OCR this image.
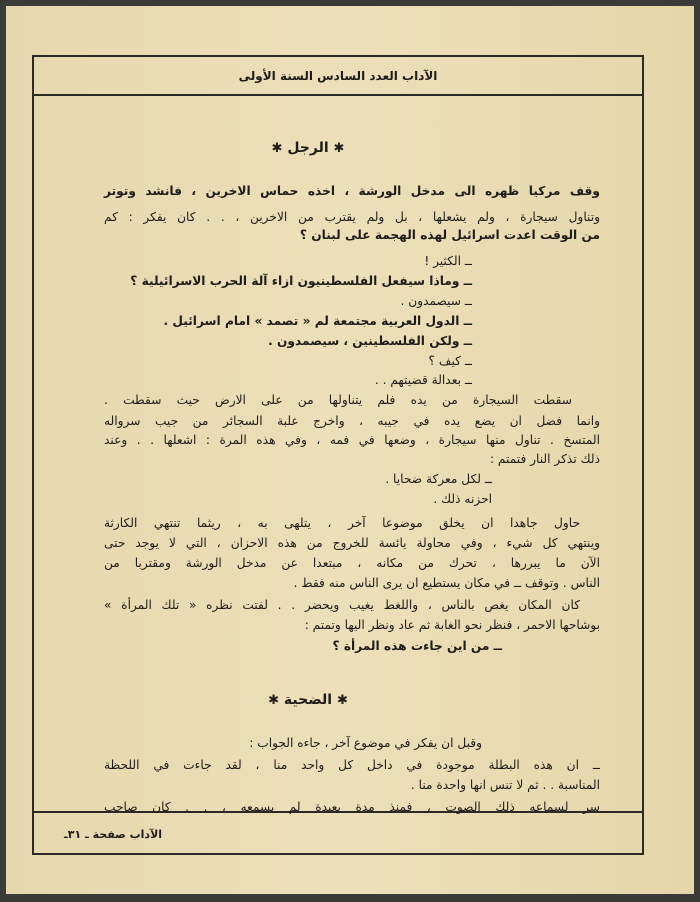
الآداب العدد السادس السنة الأولى
✱ الرجل ✱
وقف مركيا ظهره الى مدخل الورشة ، اخذه حماس الاخرين ، فانشد وتوتر
وتناول سيجارة ، ولم يشعلها ، بل ولم يقترب من الاخرين ، . . كان يفكر : كم
من الوقت اعدت اسرائيل لهذه الهجمة على لبنان ؟
ــ الكثير !
ــ وماذا سيفعل الفلسطينيون ازاء آلة الحرب الاسرائيلية ؟
ــ سيصمدون .
ــ الدول العربية مجتمعة لم « تصمد » امام اسرائيل .
ــ ولكن الفلسطينين ، سيصمدون .
ــ كيف ؟
ــ بعدالة قضيتهم . .
سقطت السيجارة من يده فلم يتناولها من على الارض حيث سقطت .
وانما فضل ان يضع يده في جيبه ، واخرج علبة السجائر من جيب سرواله
المتسخ . تناول منها سيجارة ، وضعها في فمه ، وفي هذه المرة : اشعلها . . وعند
ذلك تذكر النار فتمتم :
ــ لكل معركة ضحايا .
احزنه ذلك .
حاول جاهدا ان يخلق موضوعا آخر ، يتلهى به ، ريثما تنتهي الكارثة
وينتهي كل شيء ، وفي محاولة يائسة للخروج من هذه الاحزان ، التي لا يوجد حتى
الآن ما يبررها ، تحرك من مكانه ، مبتعدا عن مدخل الورشة ومقتربا من
الناس . وتوقف ــ في مكان يستطيع ان يرى الناس منه فقط .
كان المكان يغص بالناس ، واللغط يغيب ويحضر . . لفتت نظره « تلك المرأة »
بوشاحها الاحمر ، فنظر نحو الغابة ثم عاد ونظر اليها وتمتم :
ــ من اين جاءت هذه المرأة ؟
✱ الضحية ✱
وقبل ان يفكر في موضوع آخر ، جاءه الجواب :
ــ ان هذه البطلة موجودة في داخل كل واحد منا ، لقد جاءت في اللحظة
المناسبة . . ثم لا تنس انها واحدة منا .
سر لسماعه ذلك الصوت ، فمنذ مدة بعيدة لم يسمعه ، . . كان صاحب
الآداب صفحة ـ ٣١ـ
